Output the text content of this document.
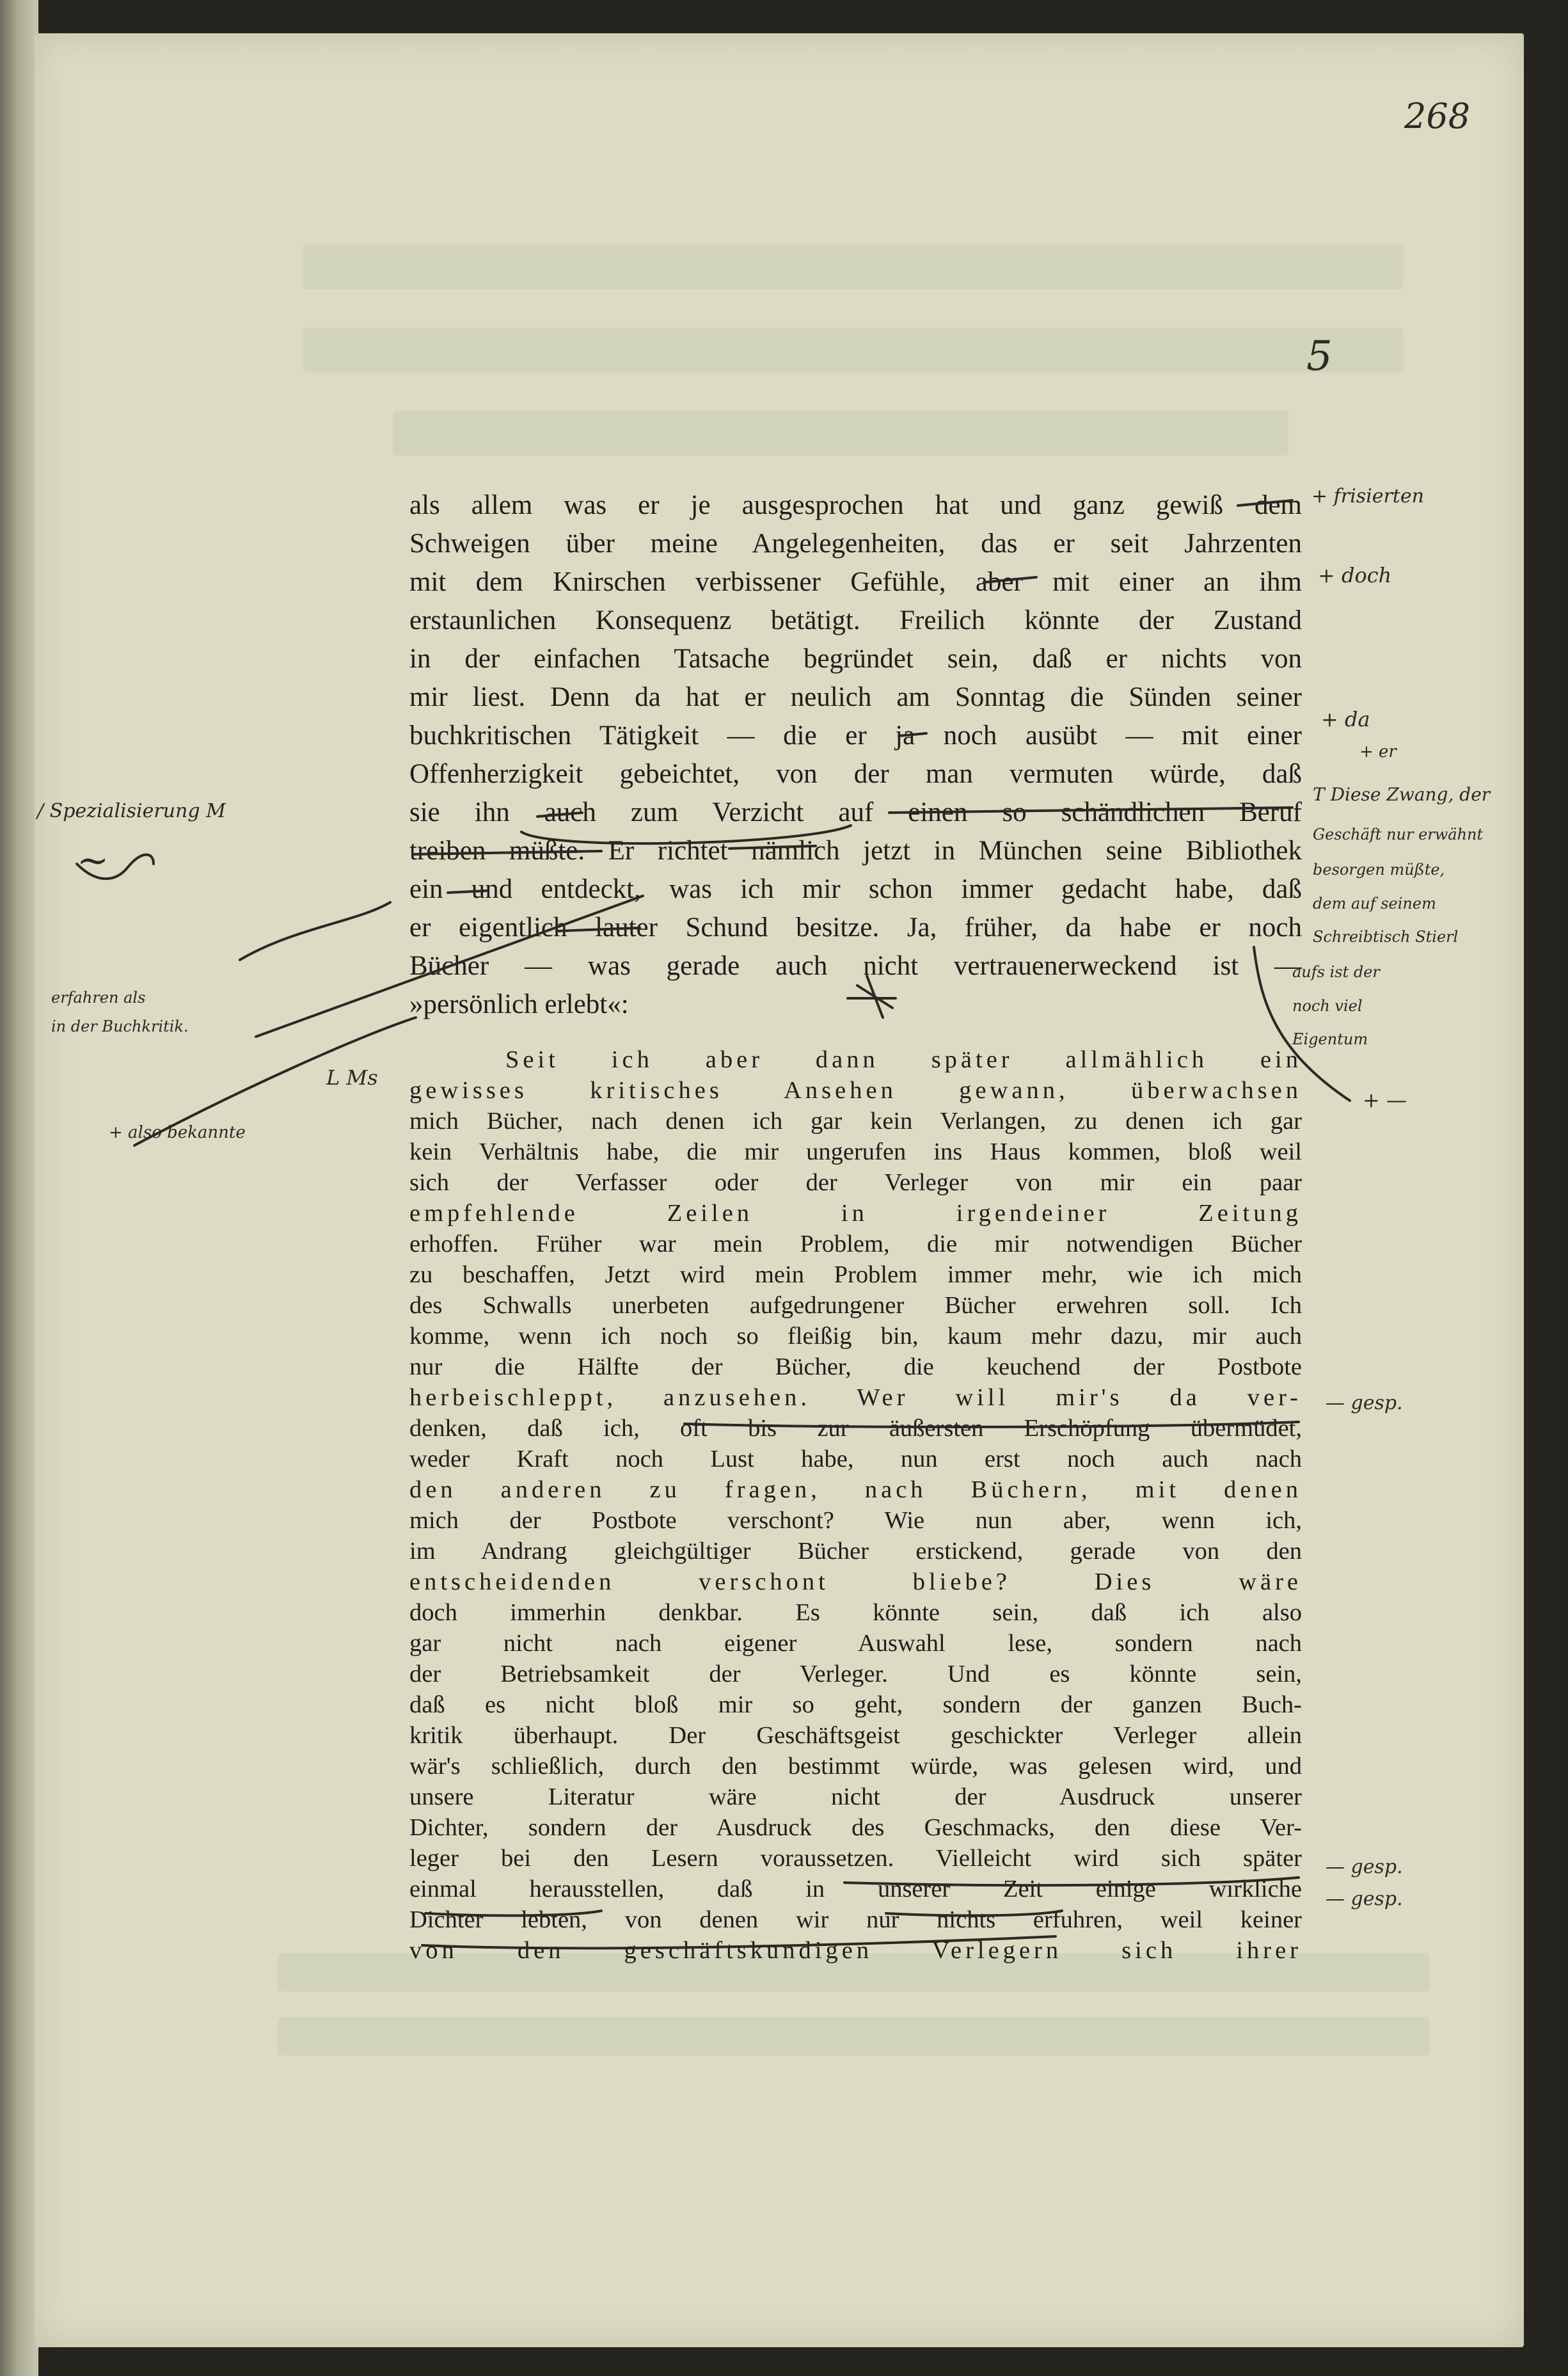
268
5
als allem was er je ausgesprochen hat und ganz gewiß dem
Schweigen über meine Angelegenheiten, das er seit Jahrzenten
mit dem Knirschen verbissener Gefühle, aber mit einer an ihm
erstaunlichen Konsequenz betätigt. Freilich könnte der Zustand
in der einfachen Tatsache begründet sein, daß er nichts von
mir liest. Denn da hat er neulich am Sonntag die Sünden seiner
buchkritischen Tätigkeit — die er ja noch ausübt — mit einer
Offenherzigkeit gebeichtet, von der man vermuten würde, daß
sie ihn auch zum Verzicht auf einen so schändlichen Beruf
treiben müßte. Er richtet nämlich jetzt in München seine Bibliothek
ein und entdeckt, was ich mir schon immer gedacht habe, daß
er eigentlich lauter Schund besitze. Ja, früher, da habe er noch
Bücher — was gerade auch nicht vertrauenerweckend ist —
»persönlich erlebt«:
Seit ich aber dann später allmählich ein
gewisses kritisches Ansehen gewann, überwachsen
mich Bücher, nach denen ich gar kein Verlangen, zu denen ich gar
kein Verhältnis habe, die mir ungerufen ins Haus kommen, bloß weil
sich der Verfasser oder der Verleger von mir ein paar
empfehlende Zeilen in irgendeiner Zeitung
erhoffen. Früher war mein Problem, die mir notwendigen Bücher
zu beschaffen, Jetzt wird mein Problem immer mehr, wie ich mich
des Schwalls unerbeten aufgedrungener Bücher erwehren soll. Ich
komme, wenn ich noch so fleißig bin, kaum mehr dazu, mir auch
nur die Hälfte der Bücher, die keuchend der Postbote
herbeischleppt, anzusehen. Wer will mir's da ver-
denken, daß ich, oft bis zur äußersten Erschöpfung übermüdet,
weder Kraft noch Lust habe, nun erst noch auch nach
den anderen zu fragen, nach Büchern, mit denen
mich der Postbote verschont? Wie nun aber, wenn ich,
im Andrang gleichgültiger Bücher erstickend, gerade von den
entscheidenden verschont bliebe? Dies wäre
doch immerhin denkbar. Es könnte sein, daß ich also
gar nicht nach eigener Auswahl lese, sondern nach
der Betriebsamkeit der Verleger. Und es könnte sein,
daß es nicht bloß mir so geht, sondern der ganzen Buch-
kritik überhaupt. Der Geschäftsgeist geschickter Verleger allein
wär's schließlich, durch den bestimmt würde, was gelesen wird, und
unsere Literatur wäre nicht der Ausdruck unserer
Dichter, sondern der Ausdruck des Geschmacks, den diese Ver-
leger bei den Lesern voraussetzen. Vielleicht wird sich später
einmal herausstellen, daß in unserer Zeit einige wirkliche
Dichter lebten, von denen wir nur nichts erfuhren, weil keiner
von den geschäftskundigen Verlegern sich ihrer
+ frisierten
+ doch
+ da
+ er
T Diese Zwang, der
Geschäft nur erwähnt
besorgen müßte,
dem auf seinem
Schreibtisch Stierl
aufs ist der
noch viel
Eigentum
+ —
— gesp.
— gesp.
— gesp.
/ Spezialisierung M
~
erfahren als
in der Buchkritik.
+ also bekannte
L Ms
